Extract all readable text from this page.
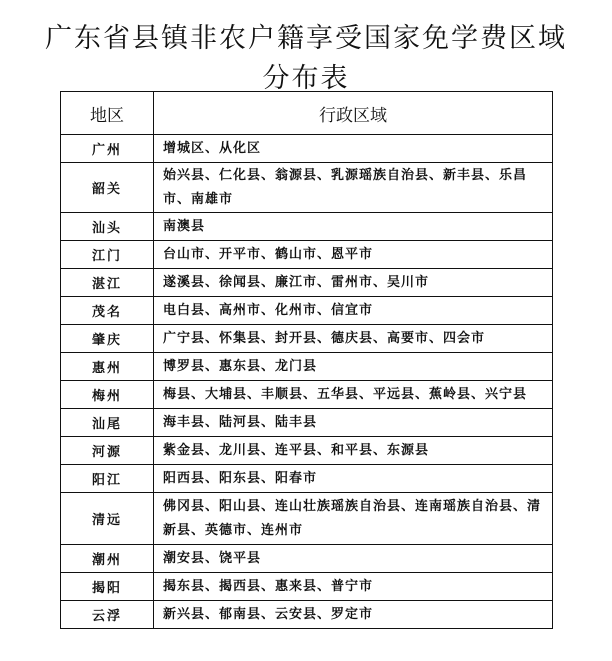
广东省县镇非农户籍享受国家免学费区域
分布表
地区	行政区域
广州	增城区、从化区
韶关	始兴县、仁化县、翁源县、乳源瑶族自治县、新丰县、乐昌市、南雄市
汕头	南澳县
江门	台山市、开平市、鹤山市、恩平市
湛江	遂溪县、徐闻县、廉江市、雷州市、吴川市
茂名	电白县、高州市、化州市、信宜市
肇庆	广宁县、怀集县、封开县、德庆县、高要市、四会市
惠州	博罗县、惠东县、龙门县
梅州	梅县、大埔县、丰顺县、五华县、平远县、蕉岭县、兴宁县
汕尾	海丰县、陆河县、陆丰县
河源	紫金县、龙川县、连平县、和平县、东源县
阳江	阳西县、阳东县、阳春市
清远	佛冈县、阳山县、连山壮族瑶族自治县、连南瑶族自治县、清新县、英德市、连州市
潮州	潮安县、饶平县
揭阳	揭东县、揭西县、惠来县、普宁市
云浮	新兴县、郁南县、云安县、罗定市
